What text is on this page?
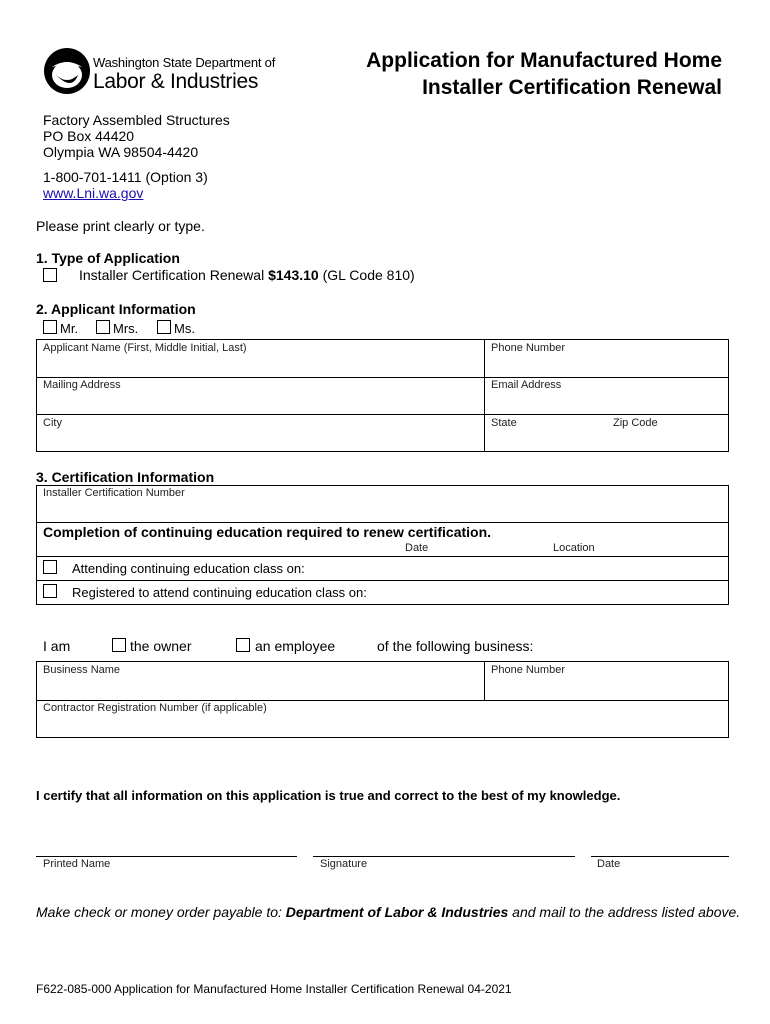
Washington State Department of
Labor & Industries
Application for Manufactured Home
Installer Certification Renewal
Factory Assembled Structures
PO Box 44420
Olympia WA 98504-4420
1-800-701-1411 (Option 3)
www.Lni.wa.gov
Please print clearly or type.
1. Type of Application
Installer Certification Renewal $143.10 (GL Code 810)
2. Applicant Information
Mr.	Mrs.	Ms.
Applicant Name (First, Middle Initial, Last)	Phone Number
Mailing Address	Email Address
City	State	Zip Code
3. Certification Information
Installer Certification Number
Completion of continuing education required to renew certification.
Date	Location
Attending continuing education class on:
Registered to attend continuing education class on:
I am	the owner	an employee	of the following business:
Business Name	Phone Number
Contractor Registration Number (if applicable)
I certify that all information on this application is true and correct to the best of my knowledge.
Printed Name	Signature	Date
Make check or money order payable to: Department of Labor & Industries and mail to the address listed above.
F622-085-000 Application for Manufactured Home Installer Certification Renewal 04-2021
